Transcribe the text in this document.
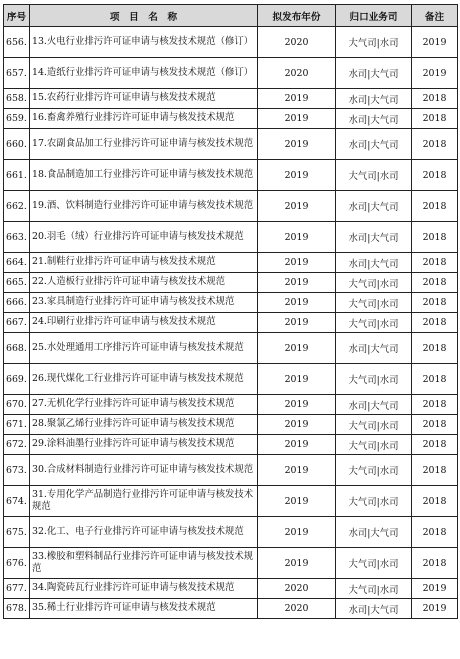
序号	项　目　名　称	拟发布年份	归口业务司	备注
656.	13.火电行业排污许可证申请与核发技术规范（修订）	2020	大气司|水司	2019
657.	14.造纸行业排污许可证申请与核发技术规范（修订）	2020	水司|大气司	2019
658.	15.农药行业排污许可证申请与核发技术规范	2019	水司|大气司	2018
659.	16.畜禽养殖行业排污许可证申请与核发技术规范	2019	水司|大气司	2018
660.	17.农副食品加工行业排污许可证申请与核发技术规范	2019	水司|大气司	2018
661.	18.食品制造加工行业排污许可证申请与核发技术规范	2019	大气司|水司	2018
662.	19.酒、饮料制造行业排污许可证申请与核发技术规范	2019	水司|大气司	2018
663.	20.羽毛（绒）行业排污许可证申请与核发技术规范	2019	水司|大气司	2018
664.	21.制鞋行业排污许可证申请与核发技术规范	2019	水司|大气司	2018
665.	22.人造板行业排污许可证申请与核发技术规范	2019	大气司|水司	2018
666.	23.家具制造行业排污许可证申请与核发技术规范	2019	大气司|水司	2018
667.	24.印刷行业排污许可证申请与核发技术规范	2019	大气司|水司	2018
668.	25.水处理通用工序排污许可证申请与核发技术规范	2019	水司|大气司	2018
669.	26.现代煤化工行业排污许可证申请与核发技术规范	2019	大气司|水司	2018
670.	27.无机化学行业排污许可证申请与核发技术规范	2019	水司|大气司	2018
671.	28.聚氯乙烯行业排污许可证申请与核发技术规范	2019	大气司|水司	2018
672.	29.涂料油墨行业排污许可证申请与核发技术规范	2019	大气司|水司	2018
673.	30.合成材料制造行业排污许可证申请与核发技术规范	2019	大气司|水司	2018
674.	31.专用化学产品制造行业排污许可证申请与核发技术规范	2019	大气司|水司	2018
675.	32.化工、电子行业排污许可证申请与核发技术规范	2019	水司|大气司	2018
676.	33.橡胶和塑料制品行业排污许可证申请与核发技术规范	2019	大气司|水司	2018
677.	34.陶瓷砖瓦行业排污许可证申请与核发技术规范	2020	大气司|水司	2019
678.	35.稀土行业排污许可证申请与核发技术规范	2020	水司|大气司	2019
